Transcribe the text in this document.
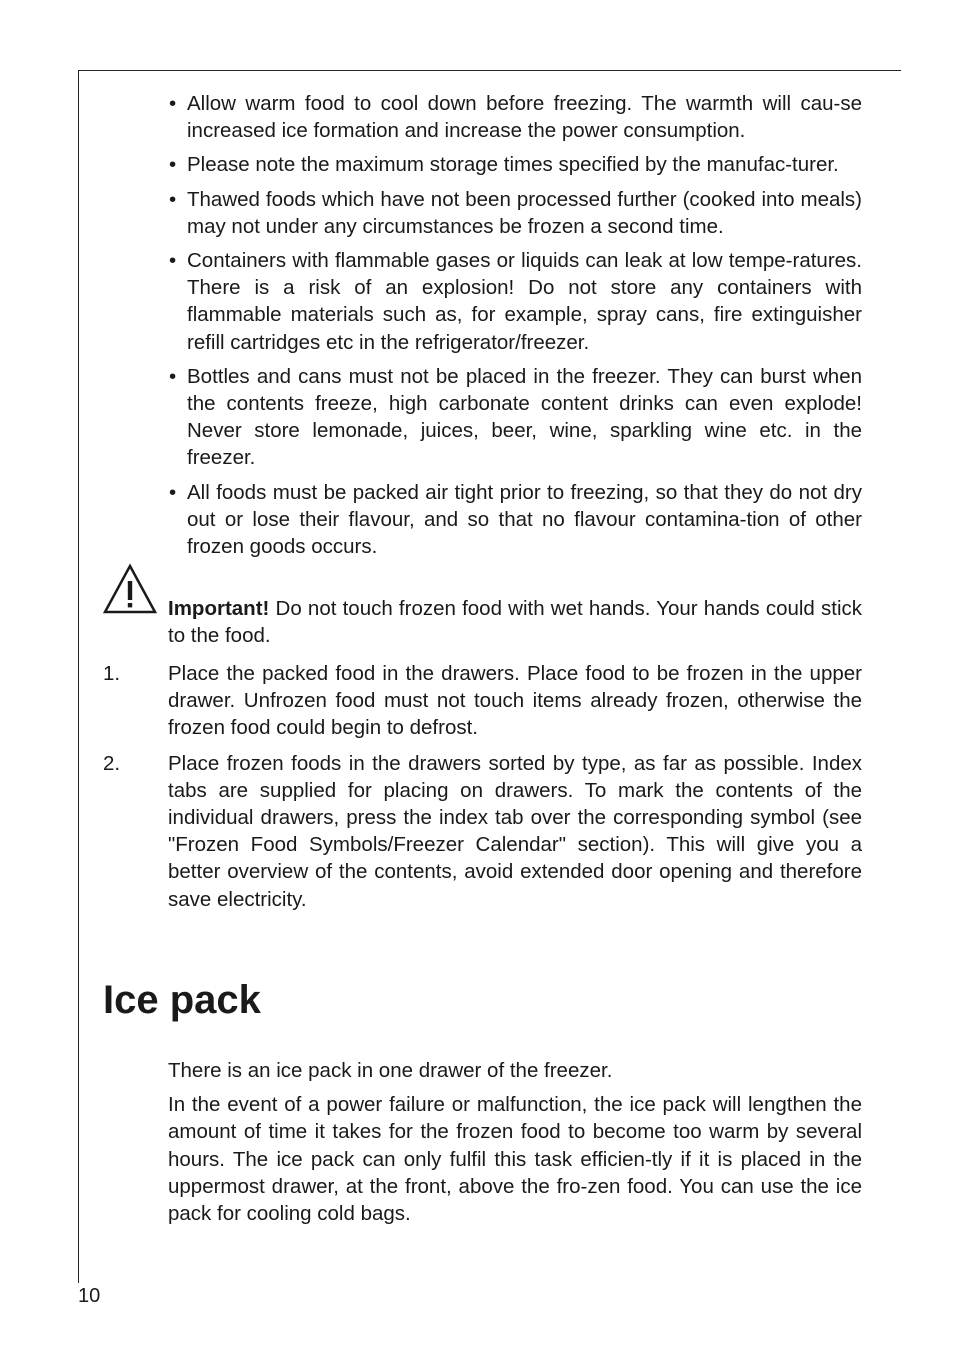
• Allow warm food to cool down before freezing. The warmth will cau-se increased ice formation and increase the power consumption.
• Please note the maximum storage times specified by the manufac-turer.
• Thawed foods which have not been processed further (cooked into meals) may not under any circumstances be frozen a second time.
• Containers with flammable gases or liquids can leak at low tempe-ratures. There is a risk of an explosion! Do not store any containers with flammable materials such as, for example, spray cans, fire extinguisher refill cartridges etc in the refrigerator/freezer.
• Bottles and cans must not be placed in the freezer. They can burst when the contents freeze, high carbonate content drinks can even explode! Never store lemonade, juices, beer, wine, sparkling wine etc. in the freezer.
• All foods must be packed air tight prior to freezing, so that they do not dry out or lose their flavour, and so that no flavour contamina-tion of other frozen goods occurs.
Important! Do not touch frozen food with wet hands. Your hands could stick to the food.
1.	Place the packed food in the drawers. Place food to be frozen in the upper drawer. Unfrozen food must not touch items already frozen, otherwise the frozen food could begin to defrost.
2.	Place frozen foods in the drawers sorted by type, as far as possible. Index tabs are supplied for placing on drawers. To mark the contents of the individual drawers, press the index tab over the corresponding symbol (see "Frozen Food Symbols/Freezer Calendar" section). This will give you a better overview of the contents, avoid extended door opening and therefore save electricity.
Ice pack

There is an ice pack in one drawer of the freezer.

In the event of a power failure or malfunction, the ice pack will lengthen the amount of time it takes for the frozen food to become too warm by several hours. The ice pack can only fulfil this task efficien-tly if it is placed in the uppermost drawer, at the front, above the fro-zen food. You can use the ice pack for cooling cold bags.

10
